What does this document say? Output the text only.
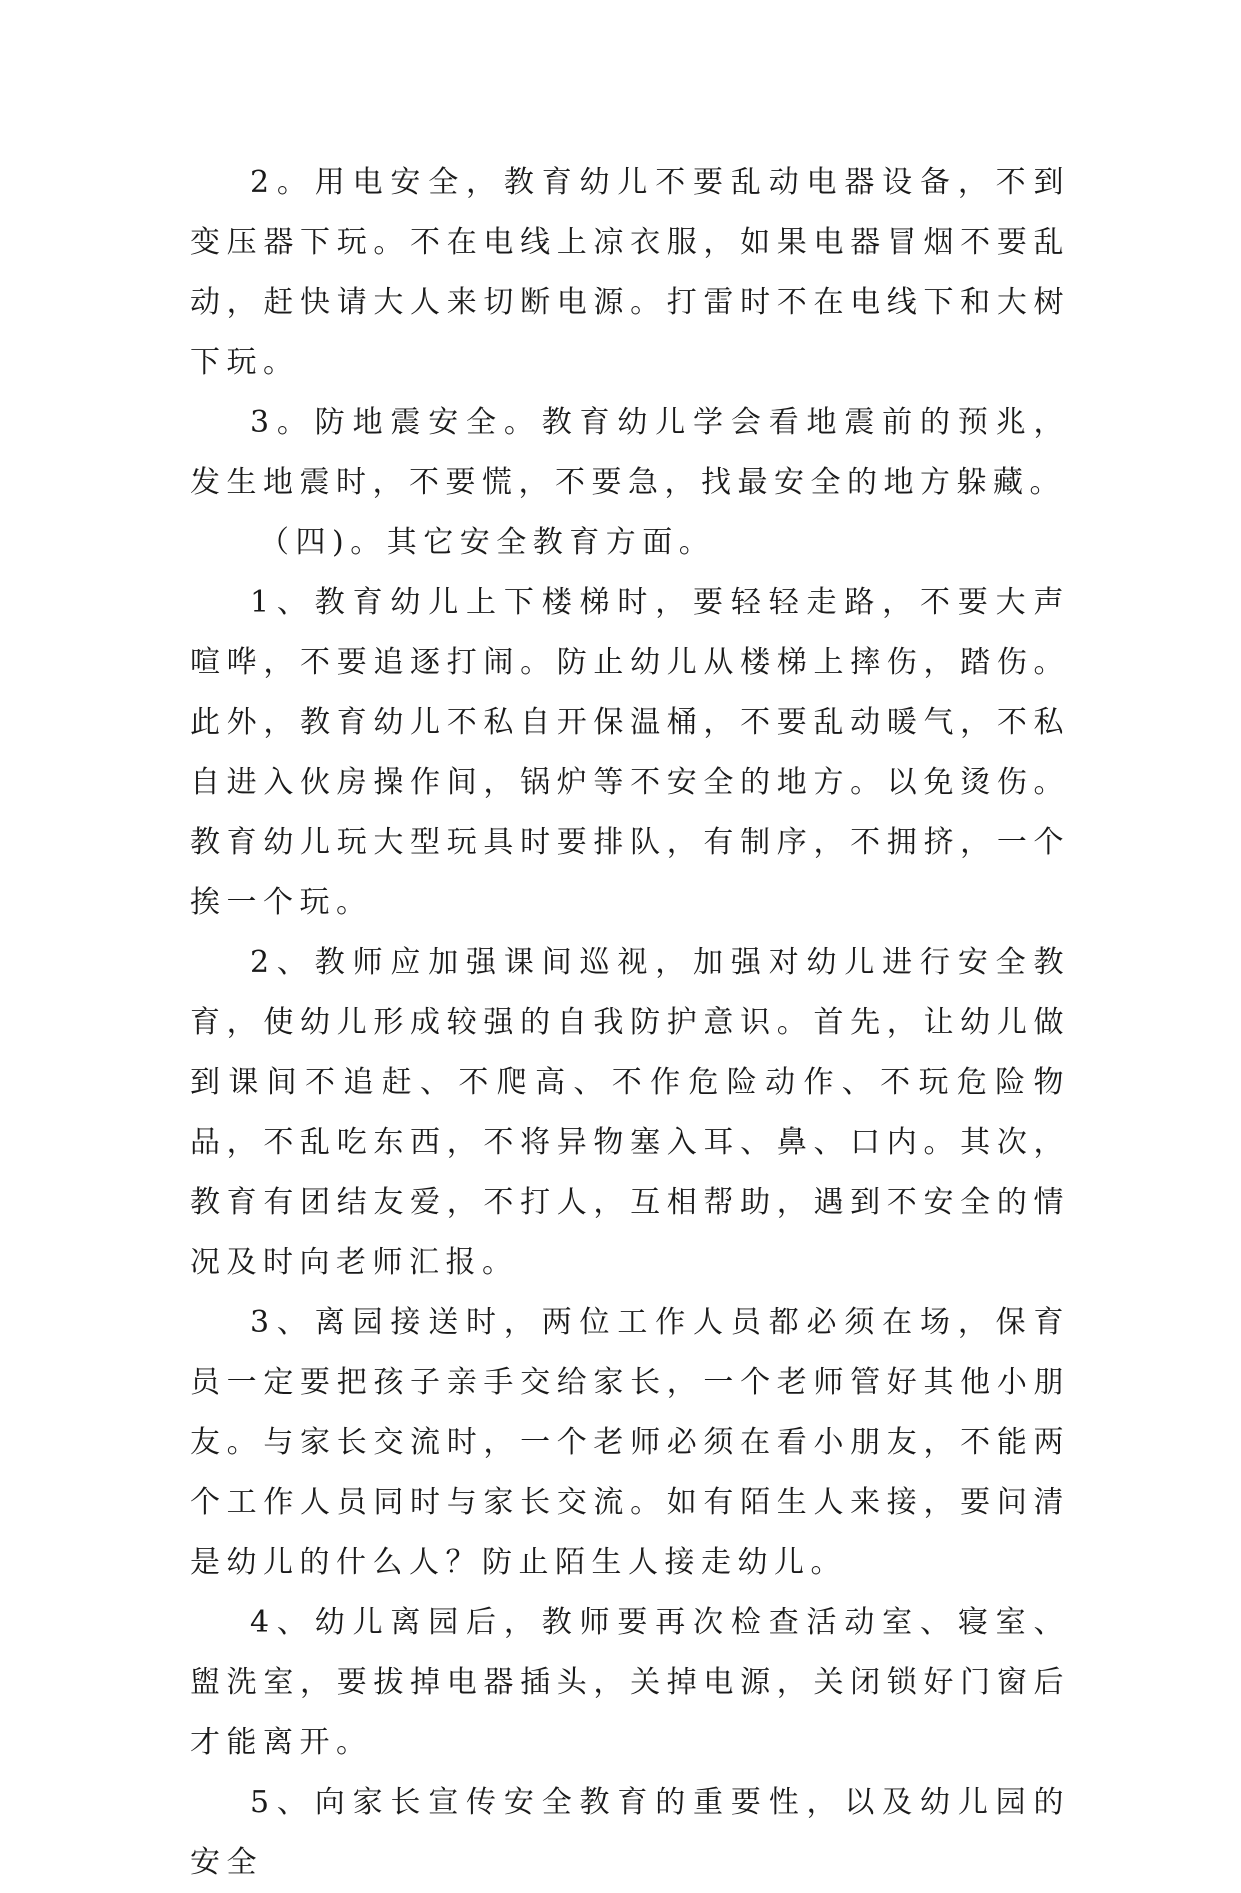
2。用电安全，教育幼儿不要乱动电器设备，不到变压器下玩。不在电线上凉衣服，如果电器冒烟不要乱动，赶快请大人来切断电源。打雷时不在电线下和大树下玩。

3。防地震安全。教育幼儿学会看地震前的预兆，发生地震时，不要慌，不要急，找最安全的地方躲藏。

（四)。其它安全教育方面。

1、教育幼儿上下楼梯时，要轻轻走路，不要大声喧哗，不要追逐打闹。防止幼儿从楼梯上摔伤，踏伤。此外，教育幼儿不私自开保温桶，不要乱动暖气，不私自进入伙房操作间，锅炉等不安全的地方。以免烫伤。教育幼儿玩大型玩具时要排队，有制序，不拥挤，一个挨一个玩。

2、教师应加强课间巡视，加强对幼儿进行安全教育，使幼儿形成较强的自我防护意识。首先，让幼儿做到课间不追赶、不爬高、不作危险动作、不玩危险物品，不乱吃东西，不将异物塞入耳、鼻、口内。其次，教育有团结友爱，不打人，互相帮助，遇到不安全的情况及时向老师汇报。

3、离园接送时，两位工作人员都必须在场，保育员一定要把孩子亲手交给家长，一个老师管好其他小朋友。与家长交流时，一个老师必须在看小朋友，不能两个工作人员同时与家长交流。如有陌生人来接，要问清是幼儿的什么人？防止陌生人接走幼儿。

4、幼儿离园后，教师要再次检查活动室、寝室、盥洗室，要拔掉电器插头，关掉电源，关闭锁好门窗后才能离开。

5、向家长宣传安全教育的重要性，以及幼儿园的安全
